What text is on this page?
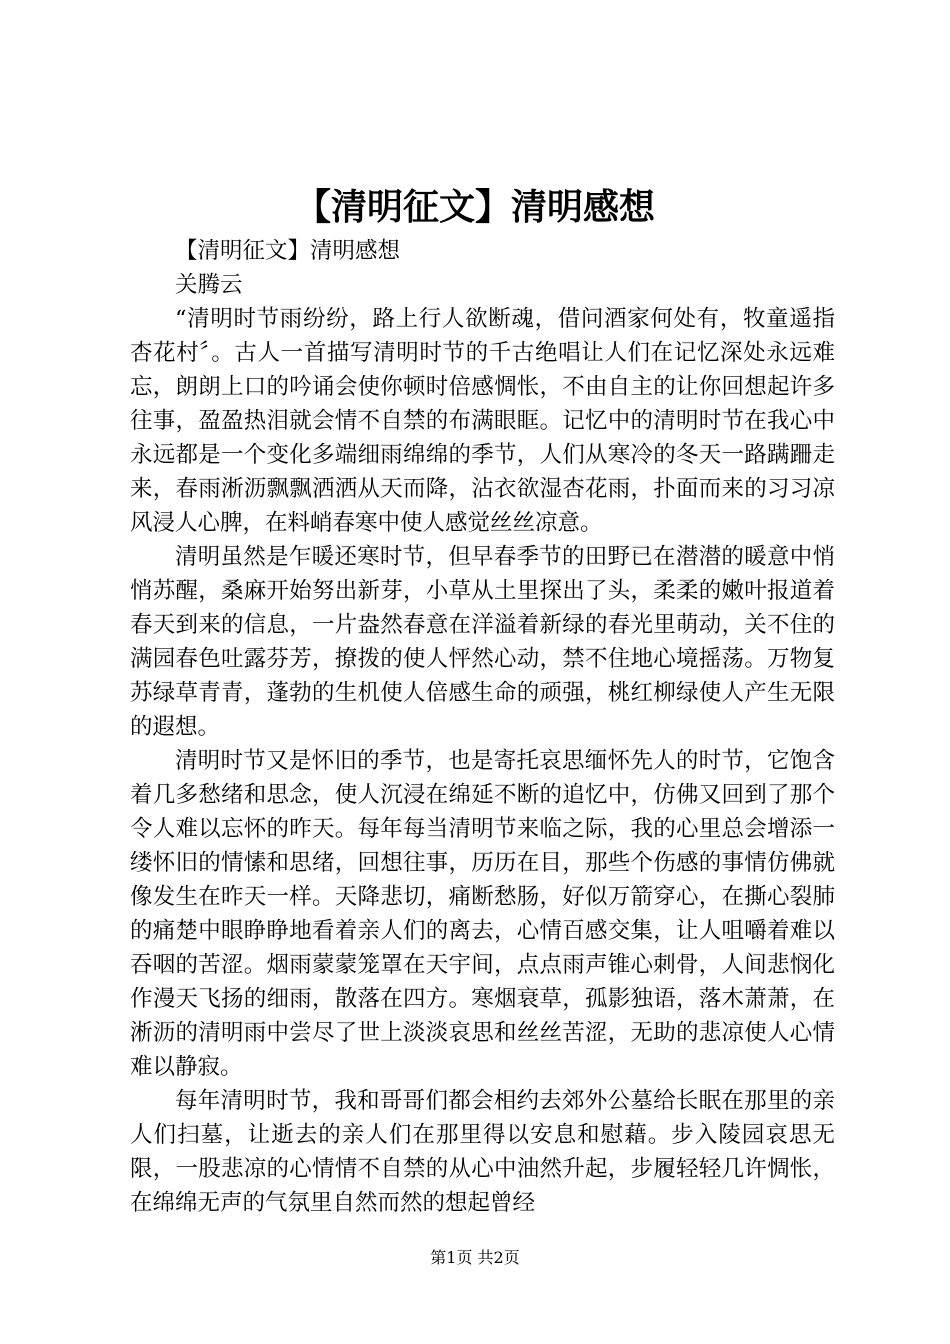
【清明征文】清明感想

【清明征文】清明感想

关腾云

“清明时节雨纷纷，路上行人欲断魂，借问酒家何处有，牧童遥指杏花村〞。古人一首描写清明时节的千古绝唱让人们在记忆深处永远难忘，朗朗上口的吟诵会使你顿时倍感惆怅，不由自主的让你回想起许多往事，盈盈热泪就会情不自禁的布满眼眶。记忆中的清明时节在我心中永远都是一个变化多端细雨绵绵的季节，人们从寒冷的冬天一路蹒跚走来，春雨淅沥飘飘洒洒从天而降，沾衣欲湿杏花雨，扑面而来的习习凉风浸人心脾，在料峭春寒中使人感觉丝丝凉意。

清明虽然是乍暖还寒时节，但早春季节的田野已在潜潜的暖意中悄悄苏醒，桑麻开始努出新芽，小草从土里探出了头，柔柔的嫩叶报道着春天到来的信息，一片盎然春意在洋溢着新绿的春光里萌动，关不住的满园春色吐露芬芳，撩拨的使人怦然心动，禁不住地心境摇荡。万物复苏绿草青青，蓬勃的生机使人倍感生命的顽强，桃红柳绿使人产生无限的遐想。

清明时节又是怀旧的季节，也是寄托哀思缅怀先人的时节，它饱含着几多愁绪和思念，使人沉浸在绵延不断的追忆中，仿佛又回到了那个令人难以忘怀的昨天。每年每当清明节来临之际，我的心里总会增添一缕怀旧的情愫和思绪，回想往事，历历在目，那些个伤感的事情仿佛就像发生在昨天一样。天降悲切，痛断愁肠，好似万箭穿心，在撕心裂肺的痛楚中眼睁睁地看着亲人们的离去，心情百感交集，让人咀嚼着难以吞咽的苦涩。烟雨蒙蒙笼罩在天宇间，点点雨声锥心刺骨，人间悲悯化作漫天飞扬的细雨，散落在四方。寒烟衰草，孤影独语，落木萧萧，在淅沥的清明雨中尝尽了世上淡淡哀思和丝丝苦涩，无助的悲凉使人心情难以静寂。

每年清明时节，我和哥哥们都会相约去郊外公墓给长眠在那里的亲人们扫墓，让逝去的亲人们在那里得以安息和慰藉。步入陵园哀思无限，一股悲凉的心情情不自禁的从心中油然升起，步履轻轻几许惆怅，在绵绵无声的气氛里自然而然的想起曾经

第1页 共2页
